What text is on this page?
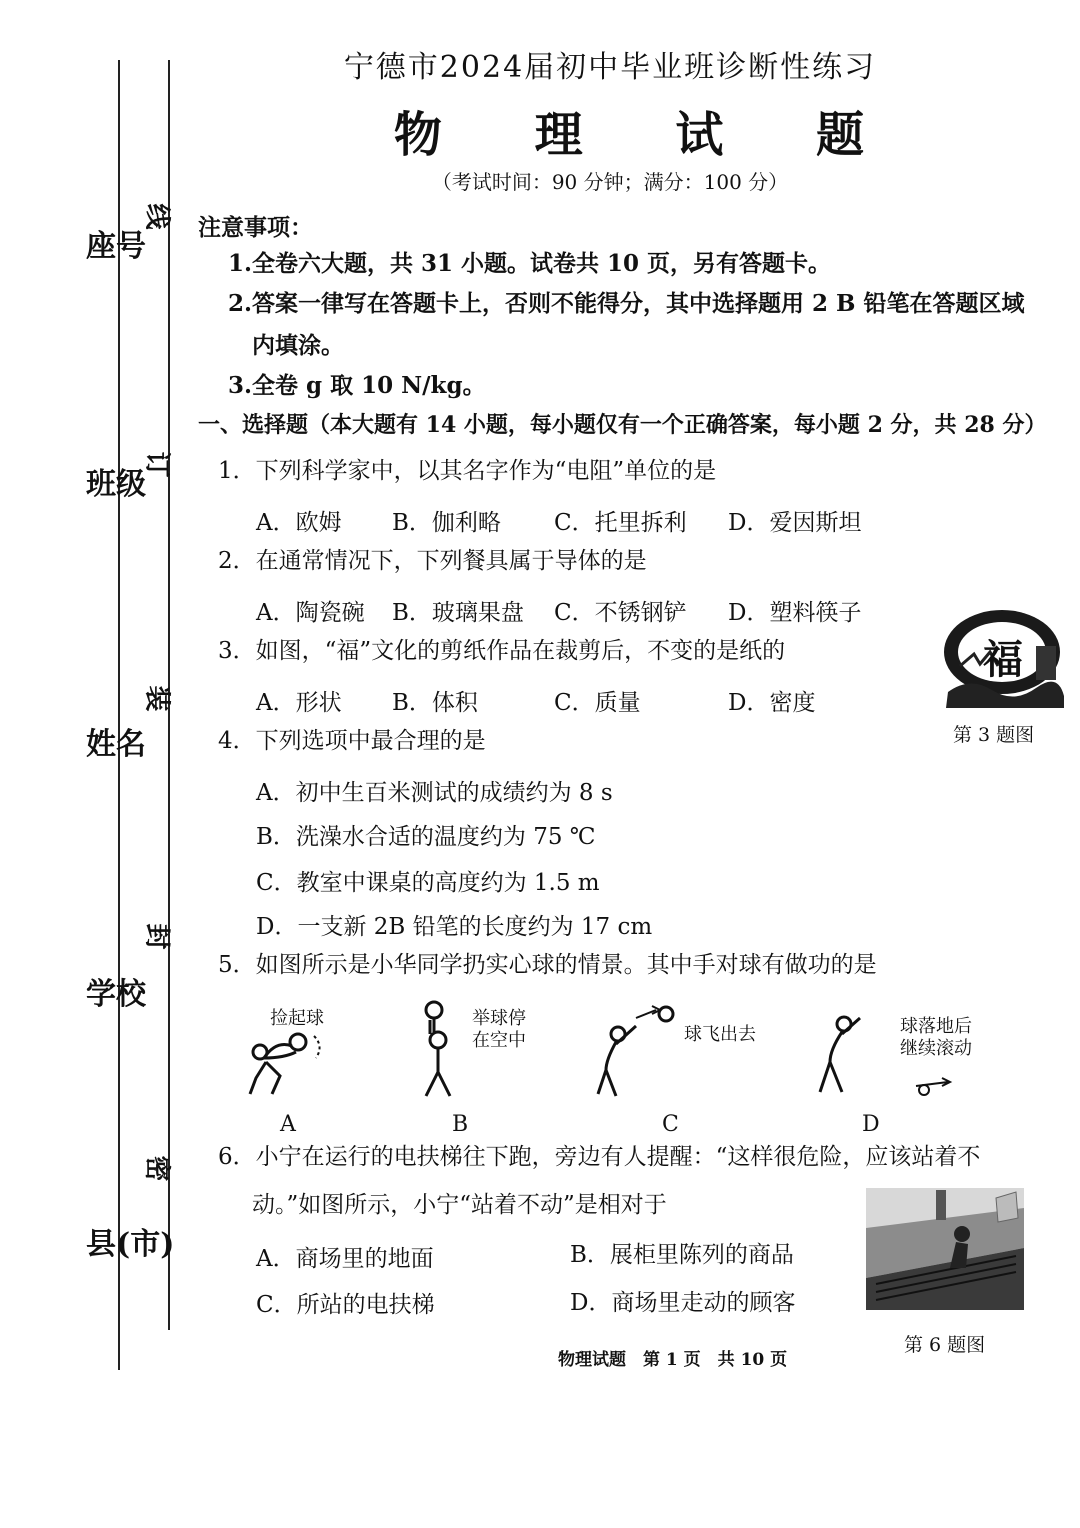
座号
班级
姓名
学校
县(市)
线
订
装
封
密
宁德市2024届初中毕业班诊断性练习
物 理 试 题
（考试时间：90 分钟；满分：100 分）
注意事项：
1.全卷六大题，共 31 小题。试卷共 10 页，另有答题卡。
2.答案一律写在答题卡上，否则不能得分，其中选择题用 2 B 铅笔在答题区域
内填涂。
3.全卷 g 取 10 N/kg。
一、选择题（本大题有 14 小题，每小题仅有一个正确答案，每小题 2 分，共 28 分）
1．下列科学家中，以其名字作为“电阻”单位的是
A．欧姆 B．伽利略 C．托里拆利 D．爱因斯坦
2．在通常情况下，下列餐具属于导体的是
A．陶瓷碗 B．玻璃果盘 C．不锈钢铲 D．塑料筷子
3．如图，“福”文化的剪纸作品在裁剪后，不变的是纸的
A．形状 B．体积	C．质量	D．密度
福
第 3 题图
4．下列选项中最合理的是
A．初中生百米测试的成绩约为 8 s
B．洗澡水合适的温度约为 75 ℃
C．教室中课桌的高度约为 1.5 m
D．一支新 2B 铅笔的长度约为 17 cm
5．如图所示是小华同学扔实心球的情景。其中手对球有做功的是
捡起球	举球停
在空中	球飞出去	球落地后
继续滚动
A	B	C	D
6．小宁在运行的电扶梯往下跑，旁边有人提醒：“这样很危险，应该站着不
动。”如图所示，小宁“站着不动”是相对于
A．商场里的地面	B．展柜里陈列的商品
C．所站的电扶梯	D．商场里走动的顾客
第 6 题图
物理试题　第 1 页　共 10 页
